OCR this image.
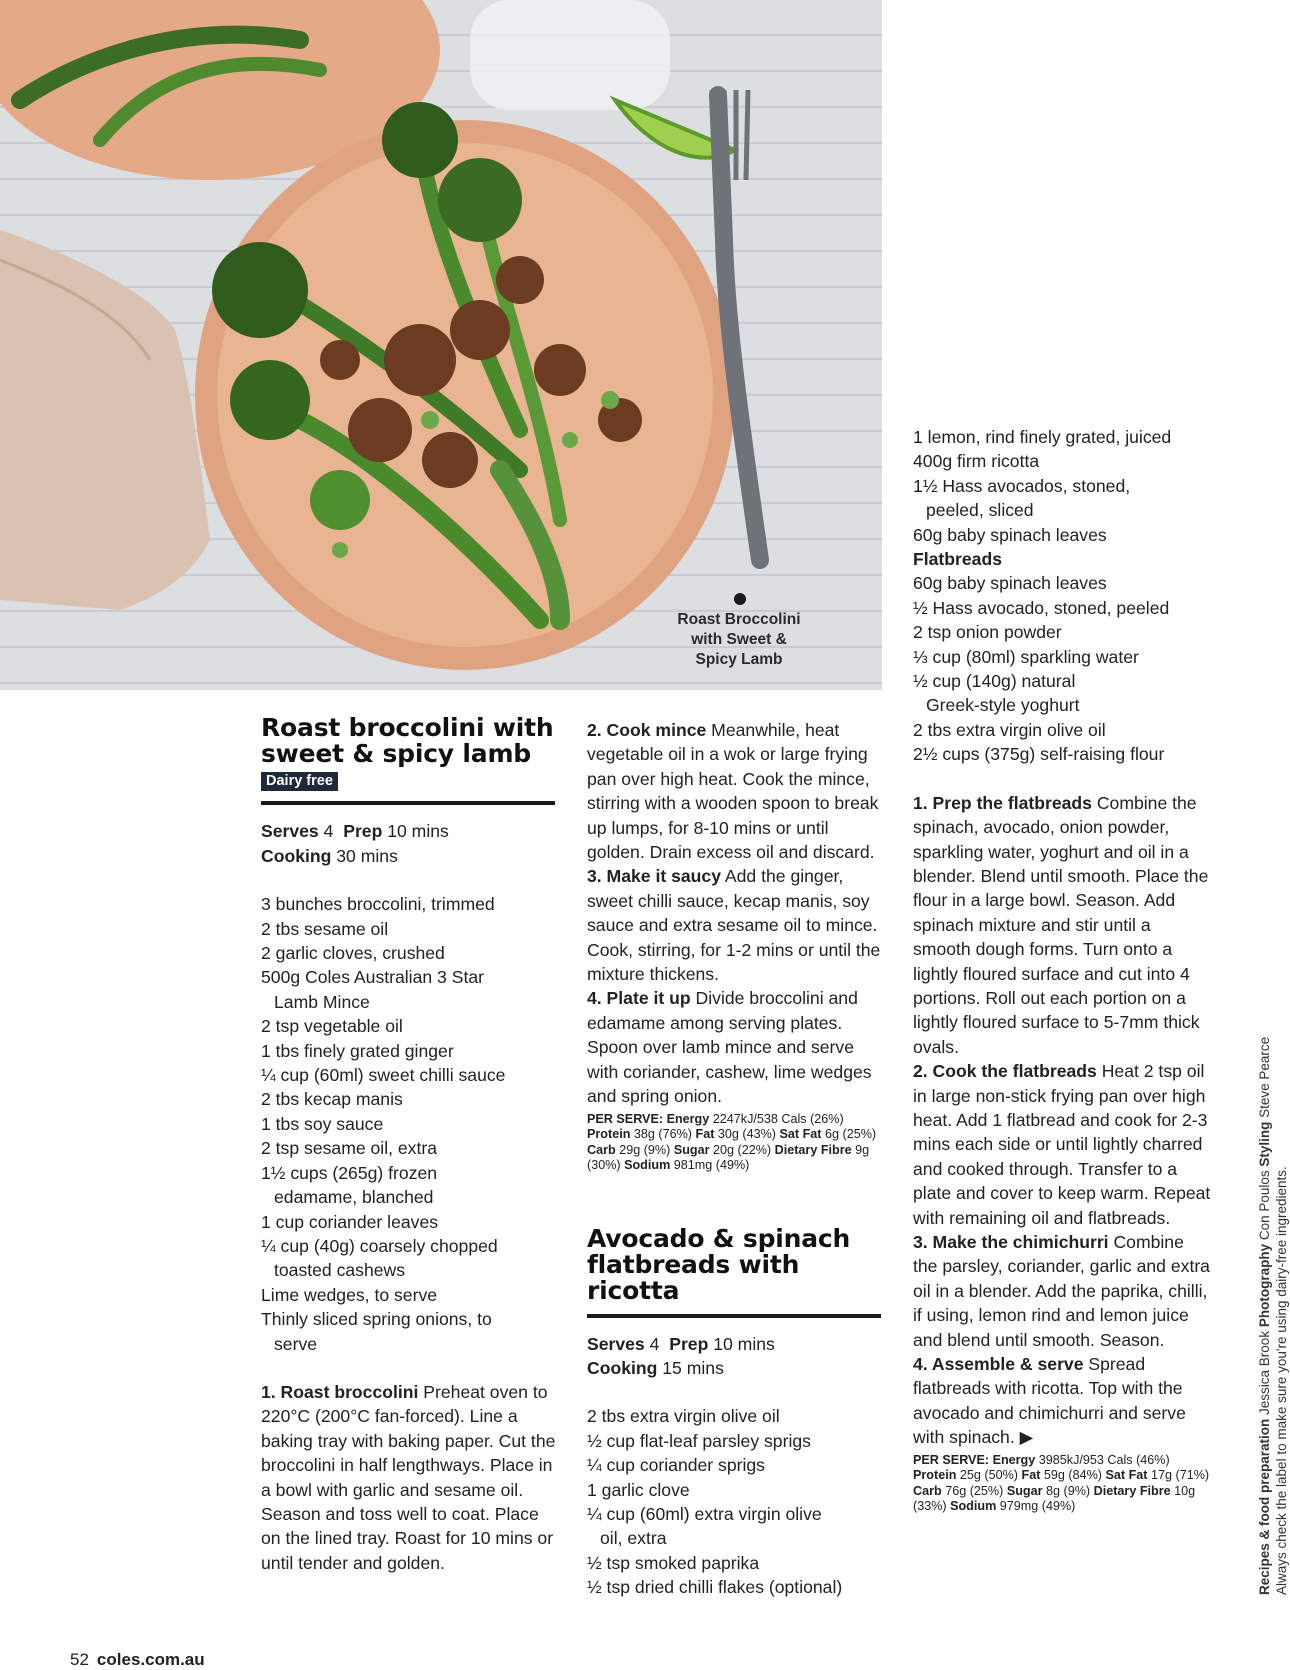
Roast Broccolini
with Sweet &
Spicy Lamb
Roast broccolini with
sweet & spicy lamb
Dairy free
Serves 4 Prep 10 mins
Cooking 30 mins
3 bunches broccolini, trimmed
2 tbs sesame oil
2 garlic cloves, crushed
500g Coles Australian 3 Star Lamb Mince
2 tsp vegetable oil
1 tbs finely grated ginger
¼ cup (60ml) sweet chilli sauce
2 tbs kecap manis
1 tbs soy sauce
2 tsp sesame oil, extra
1½ cups (265g) frozen edamame, blanched
1 cup coriander leaves
¼ cup (40g) coarsely chopped toasted cashews
Lime wedges, to serve
Thinly sliced spring onions, to serve
1. Roast broccolini Preheat oven to 220°C (200°C fan-forced). Line a baking tray with baking paper. Cut the broccolini in half lengthways. Place in a bowl with garlic and sesame oil. Season and toss well to coat. Place on the lined tray. Roast for 10 mins or until tender and golden.
2. Cook mince Meanwhile, heat vegetable oil in a wok or large frying pan over high heat. Cook the mince, stirring with a wooden spoon to break up lumps, for 8-10 mins or until golden. Drain excess oil and discard.
3. Make it saucy Add the ginger, sweet chilli sauce, kecap manis, soy sauce and extra sesame oil to mince. Cook, stirring, for 1-2 mins or until the mixture thickens.
4. Plate it up Divide broccolini and edamame among serving plates. Spoon over lamb mince and serve with coriander, cashew, lime wedges and spring onion.
PER SERVE: Energy 2247kJ/538 Cals (26%) Protein 38g (76%) Fat 30g (43%) Sat Fat 6g (25%) Carb 29g (9%) Sugar 20g (22%) Dietary Fibre 9g (30%) Sodium 981mg (49%)
Avocado & spinach
flatbreads with ricotta
Serves 4 Prep 10 mins
Cooking 15 mins
2 tbs extra virgin olive oil
½ cup flat-leaf parsley sprigs
¼ cup coriander sprigs
1 garlic clove
¼ cup (60ml) extra virgin olive oil, extra
½ tsp smoked paprika
½ tsp dried chilli flakes (optional)
1 lemon, rind finely grated, juiced
400g firm ricotta
1½ Hass avocados, stoned, peeled, sliced
60g baby spinach leaves
Flatbreads
60g baby spinach leaves
½ Hass avocado, stoned, peeled
2 tsp onion powder
⅓ cup (80ml) sparkling water
½ cup (140g) natural Greek-style yoghurt
2 tbs extra virgin olive oil
2½ cups (375g) self-raising flour
1. Prep the flatbreads Combine the spinach, avocado, onion powder, sparkling water, yoghurt and oil in a blender. Blend until smooth. Place the flour in a large bowl. Season. Add spinach mixture and stir until a smooth dough forms. Turn onto a lightly floured surface and cut into 4 portions. Roll out each portion on a lightly floured surface to 5-7mm thick ovals.
2. Cook the flatbreads Heat 2 tsp oil in large non-stick frying pan over high heat. Add 1 flatbread and cook for 2-3 mins each side or until lightly charred and cooked through. Transfer to a plate and cover to keep warm. Repeat with remaining oil and flatbreads.
3. Make the chimichurri Combine the parsley, coriander, garlic and extra oil in a blender. Add the paprika, chilli, if using, lemon rind and lemon juice and blend until smooth. Season.
4. Assemble & serve Spread flatbreads with ricotta. Top with the avocado and chimichurri and serve with spinach. ▶
PER SERVE: Energy 3985kJ/953 Cals (46%) Protein 25g (50%) Fat 59g (84%) Sat Fat 17g (71%) Carb 76g (25%) Sugar 8g (9%) Dietary Fibre 10g (33%) Sodium 979mg (49%)	Recipes & food preparation Jessica Brook Photography Con Poulos Styling Steve Pearce
Always check the label to make sure you're using dairy-free ingredients.
52 coles.com.au
